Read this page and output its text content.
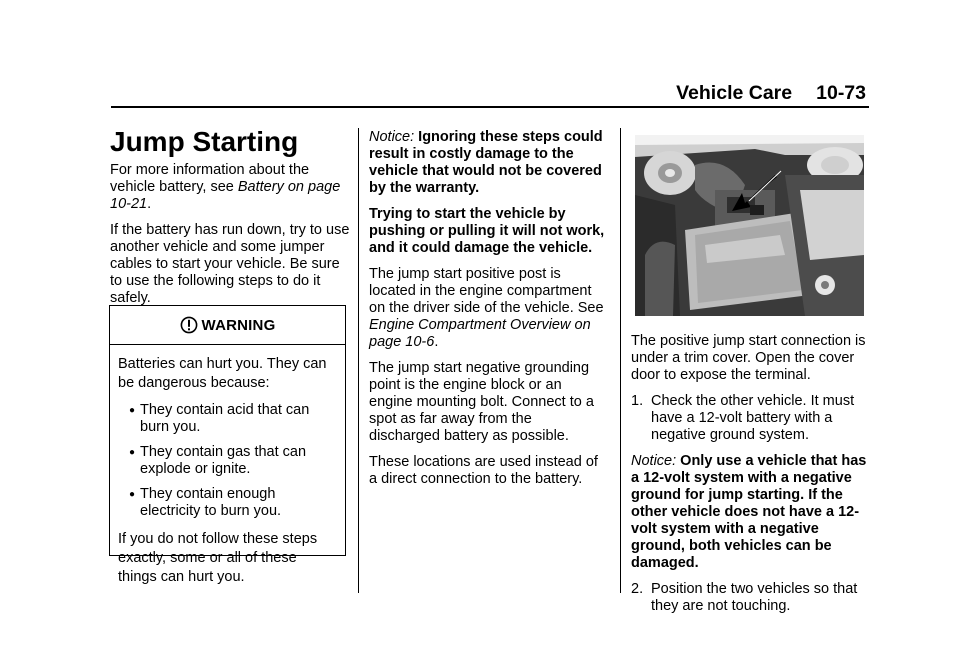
Vehicle Care 10-73
Jump Starting

For more information about the vehicle battery, see Battery on page 10-21.

If the battery has run down, try to use another vehicle and some jumper cables to start your vehicle. Be sure to use the following steps to do it safely.

WARNING

Batteries can hurt you. They can be dangerous because:

● They contain acid that can burn you.
● They contain gas that can explode or ignite.
● They contain enough electricity to burn you.

If you do not follow these steps exactly, some or all of these things can hurt you.

Notice: Ignoring these steps could result in costly damage to the vehicle that would not be covered by the warranty.

Trying to start the vehicle by pushing or pulling it will not work, and it could damage the vehicle.

The jump start positive post is located in the engine compartment on the driver side of the vehicle. See Engine Compartment Overview on page 10-6.

The jump start negative grounding point is the engine block or an engine mounting bolt. Connect to a spot as far away from the discharged battery as possible.

These locations are used instead of a direct connection to the battery.

The positive jump start connection is under a trim cover. Open the cover door to expose the terminal.

1. Check the other vehicle. It must have a 12-volt battery with a negative ground system.

Notice: Only use a vehicle that has a 12-volt system with a negative ground for jump starting. If the other vehicle does not have a 12-volt system with a negative ground, both vehicles can be damaged.

2. Position the two vehicles so that they are not touching.
